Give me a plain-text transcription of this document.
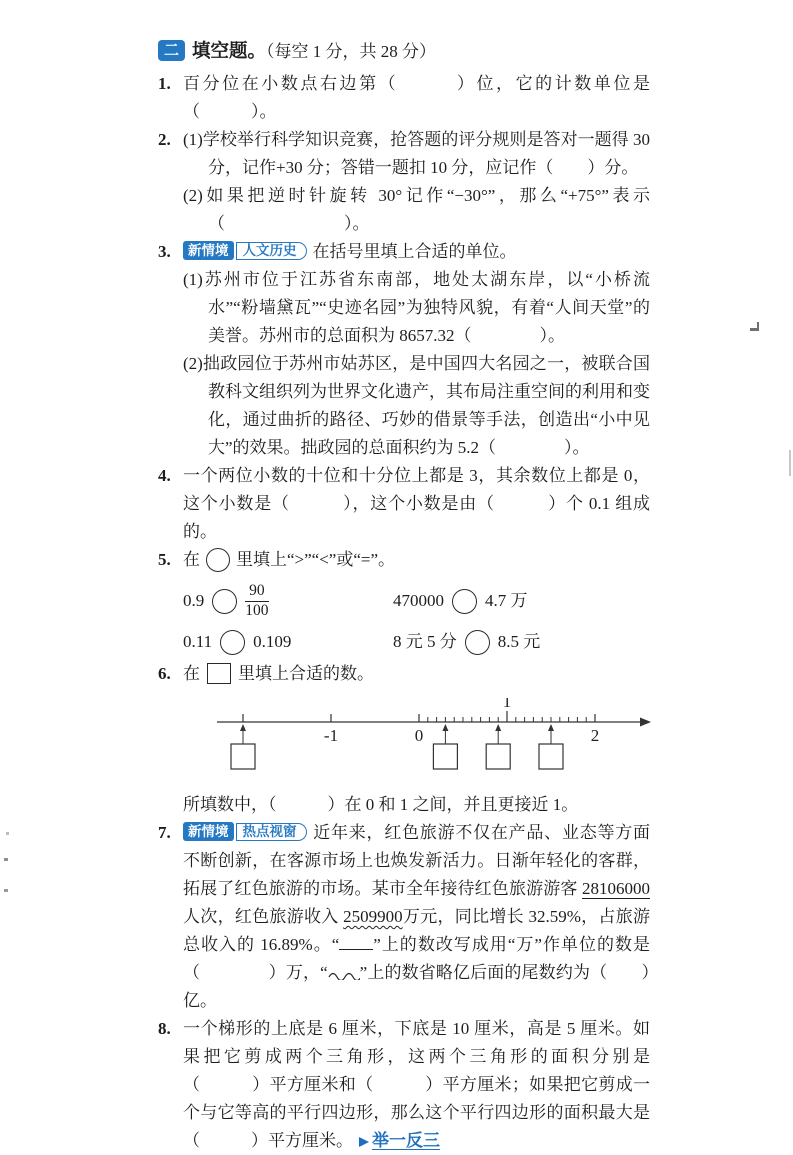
二 填空题。（每空 1 分，共 28 分）
1. 百分位在小数点右边第（　　　）位，它的计数单位是（　　　）。
2. (1)学校举行科学知识竞赛，抢答题的评分规则是答对一题得 30 分，记作+30 分；答错一题扣 10 分，应记作（　　）分。
(2)如果把逆时针旋转 30°记作“−30°”，那么“+75°”表示（　　　　　　　）。
3.	新情境 人文历史 在括号里填上合适的单位。
(1)苏州市位于江苏省东南部，地处太湖东岸，以“小桥流水”“粉墙黛瓦”“史迹名园”为独特风貌，有着“人间天堂”的美誉。苏州市的总面积为 8657.32（　　　　）。
(2)拙政园位于苏州市姑苏区，是中国四大名园之一，被联合国教科文组织列为世界文化遗产，其布局注重空间的利用和变化，通过曲折的路径、巧妙的借景等手法，创造出“小中见大”的效果。拙政园的总面积约为 5.2（　　　　）。
4. 一个两位小数的十位和十分位上都是 3，其余数位上都是 0，这个小数是（　　　），这个小数是由（　　　）个 0.1 组成的。
5. 在 里填上“>”“<”或“=”。
0.9	$\frac{90}{100}$	470000 4.7 万
0.11 0.109	8 元 5 分 8.5 元
6. 在 里填上合适的数。
-1	0
1
2
所填数中，（　　　）在 0 和 1 之间，并且更接近 1。
7. 新情境 热点视窗 近年来，红色旅游不仅在产品、业态等方面不断创新，在客源市场上也焕发新活力。日渐年轻化的客群，拓展了红色旅游的市场。某市全年接待红色旅游游客 28106000人次，红色旅游收入 2509900万元，同比增长 32.59%，占旅游总收入的 16.89%。“ ”上的数改写成用“万”作单位的数是（　　　　）万，“ ”上的数省略亿后面的尾数约为（　　）亿。
8. 一个梯形的上底是 6 厘米，下底是 10 厘米，高是 5 厘米。如果把它剪成两个三角形，这两个三角形的面积分别是（　　　）平方厘米和（　　　）平方厘米；如果把它剪成一个与它等高的平行四边形，那么这个平行四边形的面积最大是（　　　）平方厘米。 举一反三
